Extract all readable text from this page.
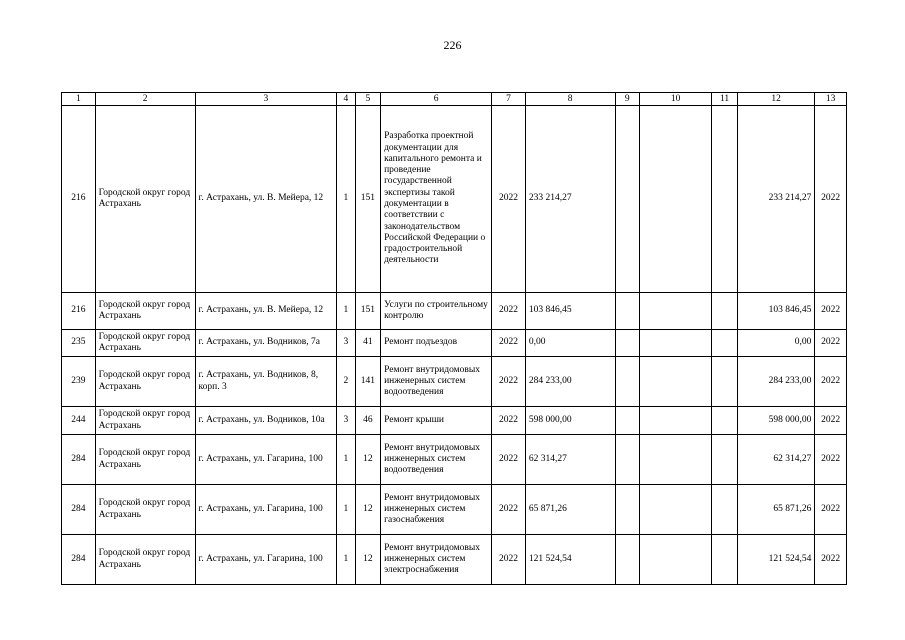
226
1	2	3	4	5	6	7	8	9	10	11	12	13
216	Городской округ город Астрахань	г. Астрахань, ул. В. Мейера, 12	1	151	Разработка проектной документации для капитального ремонта и проведение государственной экспертизы такой документации в соответствии с законодательством Российской Федерации о градостроительной деятельности	2022	233 214,27				233 214,27	2022
216	Городской округ город Астрахань	г. Астрахань, ул. В. Мейера, 12	1	151	Услуги по строительному контролю	2022	103 846,45				103 846,45	2022
235	Городской округ город Астрахань	г. Астрахань, ул. Водников, 7а	3	41	Ремонт подъездов	2022	0,00				0,00	2022
239	Городской округ город Астрахань	г. Астрахань, ул. Водников, 8, корп. 3	2	141	Ремонт внутридомовых инженерных систем водоотведения	2022	284 233,00				284 233,00	2022
244	Городской округ город Астрахань	г. Астрахань, ул. Водников, 10а	3	46	Ремонт крыши	2022	598 000,00				598 000,00	2022
284	Городской округ город Астрахань	г. Астрахань, ул. Гагарина, 100	1	12	Ремонт внутридомовых инженерных систем водоотведения	2022	62 314,27				62 314,27	2022
284	Городской округ город Астрахань	г. Астрахань, ул. Гагарина, 100	1	12	Ремонт внутридомовых инженерных систем газоснабжения	2022	65 871,26				65 871,26	2022
284	Городской округ город Астрахань	г. Астрахань, ул. Гагарина, 100	1	12	Ремонт внутридомовых инженерных систем электроснабжения	2022	121 524,54				121 524,54	2022
